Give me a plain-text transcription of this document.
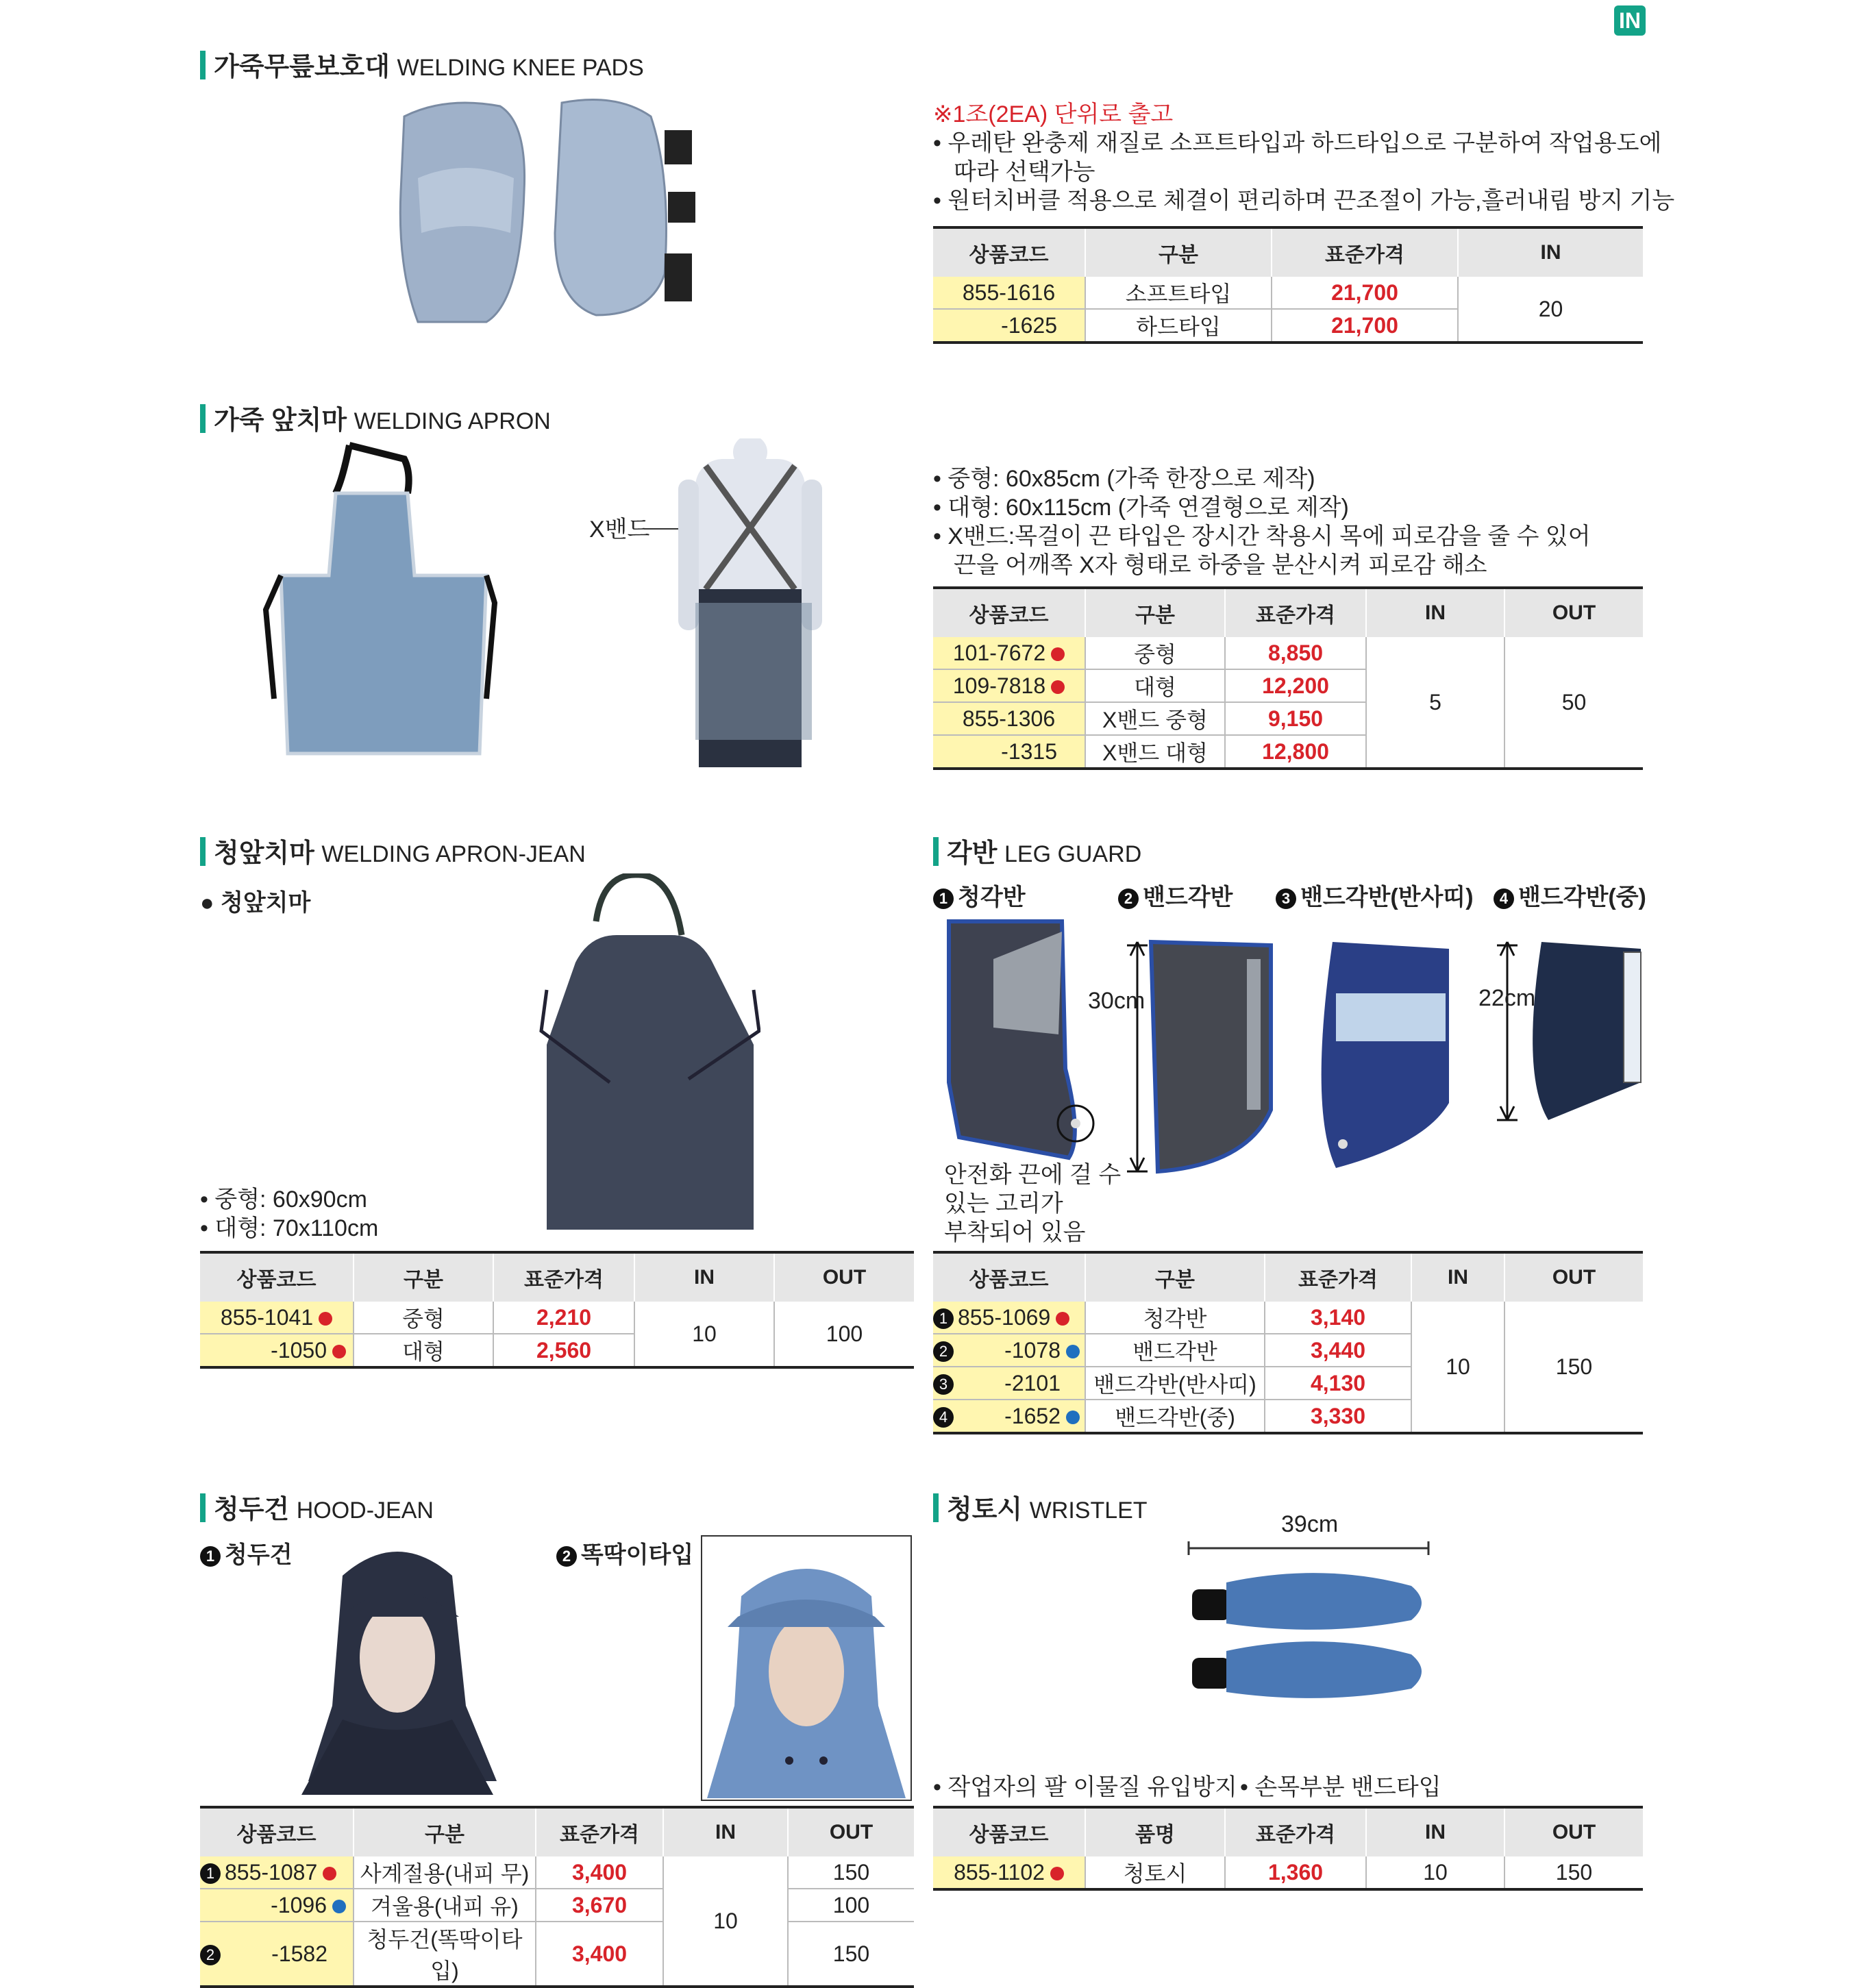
IN
가죽무릎보호대 WELDING KNEE PADS
※1조(2EA) 단위로 출고
• 우레탄 완충제 재질로 소프트타입과 하드타입으로 구분하여 작업용도에
따라 선택가능
• 원터치버클 적용으로 체결이 편리하며 끈조절이 가능,흘러내림 방지 기능
상품코드	구분	표준가격	IN
855-1616	소프트타입	21,700	20
-1625	하드타입	21,700	
가죽 앞치마 WELDING APRON
X밴드
• 중형: 60x85cm (가죽 한장으로 제작)
• 대형: 60x115cm (가죽 연결형으로 제작)
• X밴드:목걸이 끈 타입은 장시간 착용시 목에 피로감을 줄 수 있어
끈을 어깨쪽 X자 형태로 하중을 분산시켜 피로감 해소
상품코드	구분	표준가격	IN	OUT
101-7672	중형	8,850	5	50
109-7818	대형	12,200		
855-1306	X밴드 중형	9,150		
-1315	X밴드 대형	12,800		
청앞치마 WELDING APRON-JEAN
● 청앞치마
• 중형: 60x90cm
• 대형: 70x110cm
상품코드	구분	표준가격	IN	OUT
855-1041	중형	2,210	10	100
-1050	대형	2,560		
각반 LEG GUARD
1 청각반	2 밴드각반	3 밴드각반(반사띠)	4 밴드각반(중)
30cm	22cm
안전화 끈에 걸 수
있는 고리가
부착되어 있음
상품코드	구분	표준가격	IN	OUT
1 855-1069	청각반	3,140	10	150
2 -1078	밴드각반	3,440		
3 -2101	밴드각반(반사띠)	4,130		
4 -1652	밴드각반(중)	3,330		
청두건 HOOD-JEAN
1 청두건	2 똑딱이타입
상품코드	구분	표준가격	IN	OUT
1 855-1087	사계절용(내피 무)	3,400	10	150
-1096	겨울용(내피 유)	3,670		100
2 -1582	청두건(똑딱이타입)	3,400		150
청토시 WRISTLET
39cm
• 작업자의 팔 이물질 유입방지 • 손목부분 밴드타입
상품코드	품명	표준가격	IN	OUT
855-1102	청토시	1,360	10	150
